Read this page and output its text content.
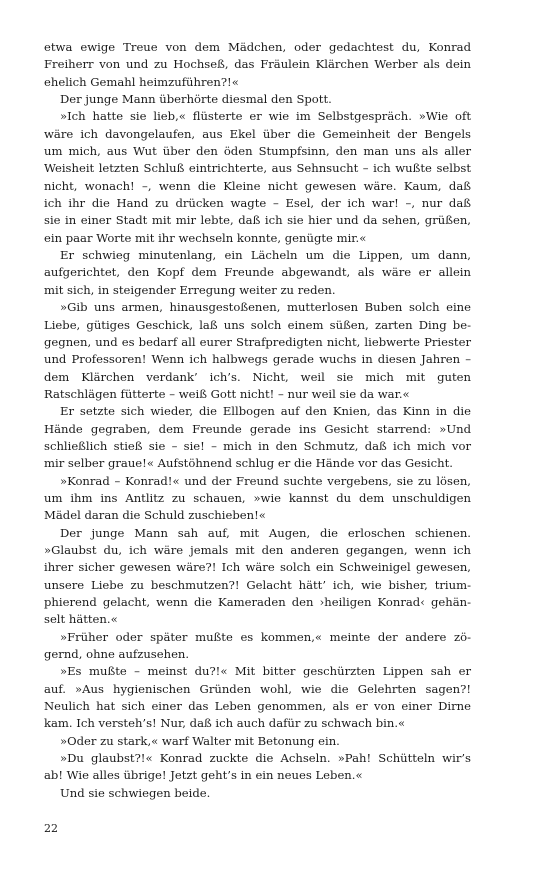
etwa ewige Treue von dem Mädchen, oder gedachtest du, Konrad
Freiherr von und zu Hochseß, das Fräulein Klärchen Werber als dein
ehelich Gemahl heimzuführen?!«
Der junge Mann überhörte diesmal den Spott.
»Ich hatte sie lieb,« flüsterte er wie im Selbstgespräch. »Wie oft
wäre ich davongelaufen, aus Ekel über die Gemeinheit der Bengels
um mich, aus Wut über den öden Stumpfsinn, den man uns als aller
Weisheit letzten Schluß eintrichterte, aus Sehnsucht – ich wußte selbst
nicht, wonach! –, wenn die Kleine nicht gewesen wäre. Kaum, daß
ich ihr die Hand zu drücken wagte – Esel, der ich war! –, nur daß
sie in einer Stadt mit mir lebte, daß ich sie hier und da sehen, grüßen,
ein paar Worte mit ihr wechseln konnte, genügte mir.«
Er schwieg minutenlang, ein Lächeln um die Lippen, um dann,
aufgerichtet, den Kopf dem Freunde abgewandt, als wäre er allein
mit sich, in steigender Erregung weiter zu reden.
»Gib uns armen, hinausgestoßenen, mutterlosen Buben solch eine
Liebe, gütiges Geschick, laß uns solch einem süßen, zarten Ding be-
gegnen, und es bedarf all eurer Strafpredigten nicht, liebwerte Priester
und Professoren! Wenn ich halbwegs gerade wuchs in diesen Jahren –
dem Klärchen verdank’ ich’s. Nicht, weil sie mich mit guten
Ratschlägen fütterte – weiß Gott nicht! – nur weil sie da war.«
Er setzte sich wieder, die Ellbogen auf den Knien, das Kinn in die
Hände gegraben, dem Freunde gerade ins Gesicht starrend: »Und
schließlich stieß sie – sie! – mich in den Schmutz, daß ich mich vor
mir selber graue!« Aufstöhnend schlug er die Hände vor das Gesicht.
»Konrad – Konrad!« und der Freund suchte vergebens, sie zu lösen,
um ihm ins Antlitz zu schauen, »wie kannst du dem unschuldigen
Mädel daran die Schuld zuschieben!«
Der junge Mann sah auf, mit Augen, die erloschen schienen.
»Glaubst du, ich wäre jemals mit den anderen gegangen, wenn ich
ihrer sicher gewesen wäre?! Ich wäre solch ein Schweinigel gewesen,
unsere Liebe zu beschmutzen?! Gelacht hätt’ ich, wie bisher, trium-
phierend gelacht, wenn die Kameraden den ›heiligen Konrad‹ gehän-
selt hätten.«
»Früher oder später mußte es kommen,« meinte der andere zö-
gernd, ohne aufzusehen.
»Es mußte – meinst du?!« Mit bitter geschürzten Lippen sah er
auf. »Aus hygienischen Gründen wohl, wie die Gelehrten sagen?!
Neulich hat sich einer das Leben genommen, als er von einer Dirne
kam. Ich versteh’s! Nur, daß ich auch dafür zu schwach bin.«
»Oder zu stark,« warf Walter mit Betonung ein.
»Du glaubst?!« Konrad zuckte die Achseln. »Pah! Schütteln wir’s
ab! Wie alles übrige! Jetzt geht’s in ein neues Leben.«
Und sie schwiegen beide.
22
